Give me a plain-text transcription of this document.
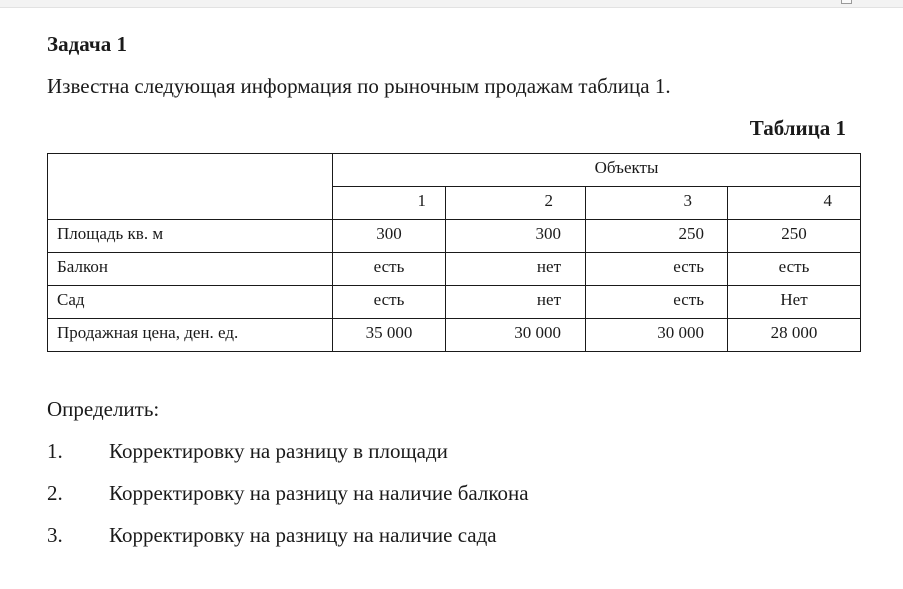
Задача 1
Известна следующая информация по рыночным продажам таблица 1.
Таблица 1
	Объекты			
	1	2	3	4
Площадь кв. м	300	300	250	250
Балкон	есть	нет	есть	есть
Сад	есть	нет	есть	Нет
Продажная цена, ден. ед.	35 000	30 000	30 000	28 000
Определить:
1. Корректировку на разницу в площади
2. Корректировку на разницу на наличие балкона
3. Корректировку на разницу на наличие сада
